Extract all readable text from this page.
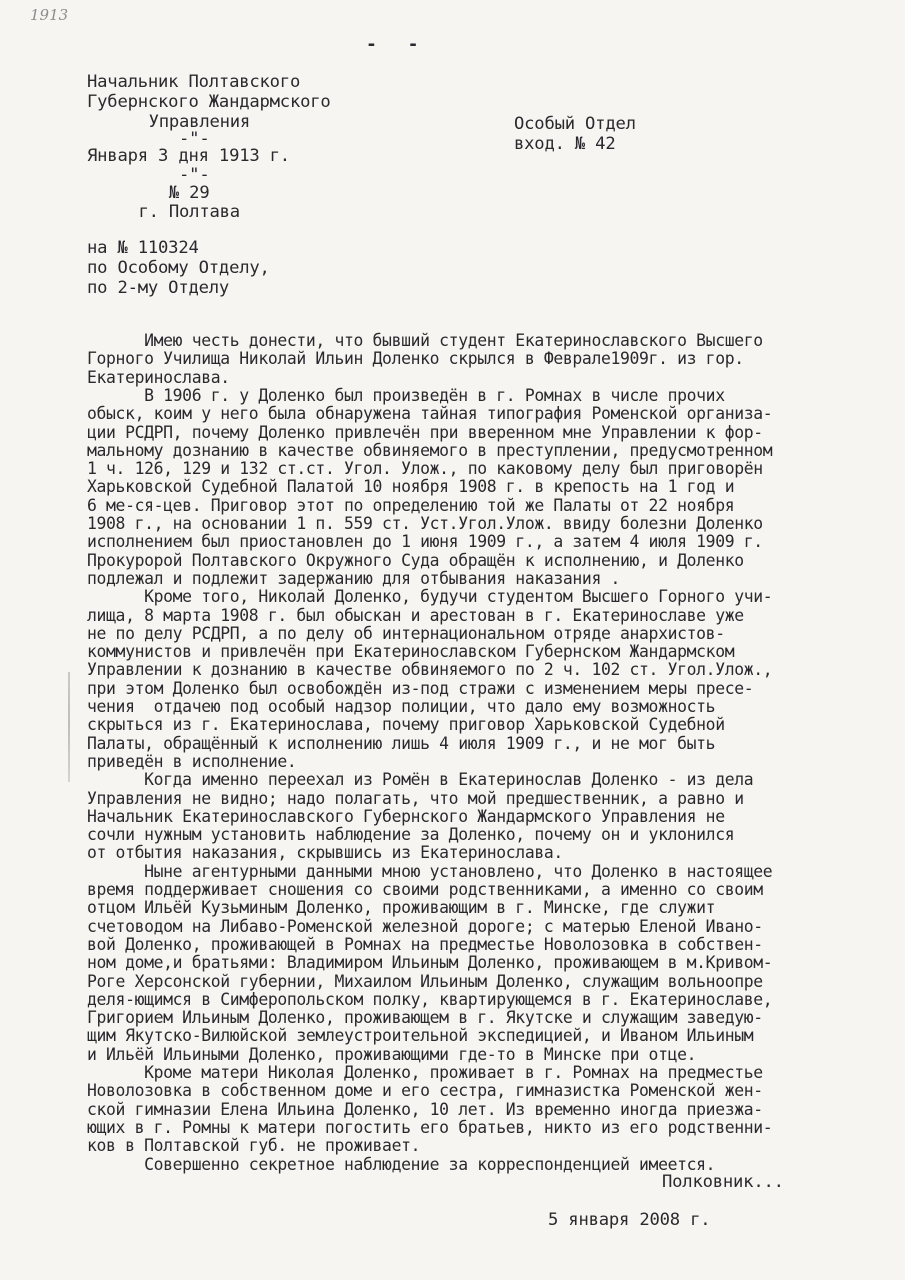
1913
- -
Начальник Полтавского
Губернского Жандармского
Управления
-"-
Января 3 дня 1913 г.
-"-
№ 29
г. Полтава
Особый Отдел
вход. № 42
на № 110324
по Особому Отделу,
по 2-му Отделу
Имею честь донести, что бывший студент Екатеринославского Высшего
Горного Училища Николай Ильин Доленко скрылся в Феврале1909г. из гор.
Екатеринослава.
В 1906 г. у Доленко был произведён в г. Ромнах в числе прочих
обыск, коим у него была обнаружена тайная типография Роменской организа-
ции РСДРП, почему Доленко привлечён при вверенном мне Управлении к фор-
мальному дознанию в качестве обвиняемого в преступлении, предусмотренном
1 ч. 126, 129 и 132 ст.ст. Угол. Улож., по каковому делу был приговорён
Харьковской Судебной Палатой 10 ноября 1908 г. в крепость на 1 год и
6 ме-ся-цев. Приговор этот по определению той же Палаты от 22 ноября
1908 г., на основании 1 п. 559 ст. Уст.Угол.Улож. ввиду болезни Доленко
исполнением был приостановлен до 1 июня 1909 г., а затем 4 июля 1909 г.
Прокуророй Полтавского Окружного Суда обращён к исполнению, и Доленко
подлежал и подлежит задержанию для отбывания наказания .
Кроме того, Николай Доленко, будучи студентом Высшего Горного учи-
лища, 8 марта 1908 г. был обыскан и арестован в г. Екатеринославе уже
не по делу РСДРП, а по делу об интернациональном отряде анархистов-
коммунистов и привлечён при Екатеринославском Губернском Жандармском
Управлении к дознанию в качестве обвиняемого по 2 ч. 102 ст. Угол.Улож.,
при этом Доленко был освобождён из-под стражи с изменением меры пресе-
чения  отдачею под особый надзор полиции, что дало ему возможность
скрыться из г. Екатеринослава, почему приговор Харьковской Судебной
Палаты, обращённый к исполнению лишь 4 июля 1909 г., и не мог быть
приведён в исполнение.
Когда именно переехал из Ромён в Екатеринослав Доленко - из дела
Управления не видно; надо полагать, что мой предшественник, а равно и
Начальник Екатеринославского Губернского Жандармского Управления не
сочли нужным установить наблюдение за Доленко, почему он и уклонился
от отбытия наказания, скрывшись из Екатеринослава.
Ныне агентурными данными мною установлено, что Доленко в настоящее
время поддерживает сношения со своими родственниками, а именно со своим
отцом Ильёй Кузьминым Доленко, проживающим в г. Минске, где служит
счетоводом на Либаво-Роменской железной дороге; с матерью Еленой Ивано-
вой Доленко, проживающей в Ромнах на предместье Новолозовка в собствен-
ном доме,и братьями: Владимиром Ильиным Доленко, проживающем в м.Кривом-
Роге Херсонской губернии, Михаилом Ильиным Доленко, служащим вольноопре
деля-ющимся в Симферопольском полку, квартирующемся в г. Екатеринославе,
Григорием Ильиным Доленко, проживающем в г. Якутске и служащим заведую-
щим Якутско-Вилюйской землеустроительной экспедицией, и Иваном Ильиным
и Ильёй Ильиными Доленко, проживающими где-то в Минске при отце.
Кроме матери Николая Доленко, проживает в г. Ромнах на предместье
Новолозовка в собственном доме и его сестра, гимназистка Роменской жен-
ской гимназии Елена Ильина Доленко, 10 лет. Из временно иногда приезжа-
ющих в г. Ромны к матери погостить его братьев, никто из его родственни-
ков в Полтавской губ. не проживает.
Совершенно секретное наблюдение за корреспонденцией имеется.
Полковник...
5 января 2008 г.
